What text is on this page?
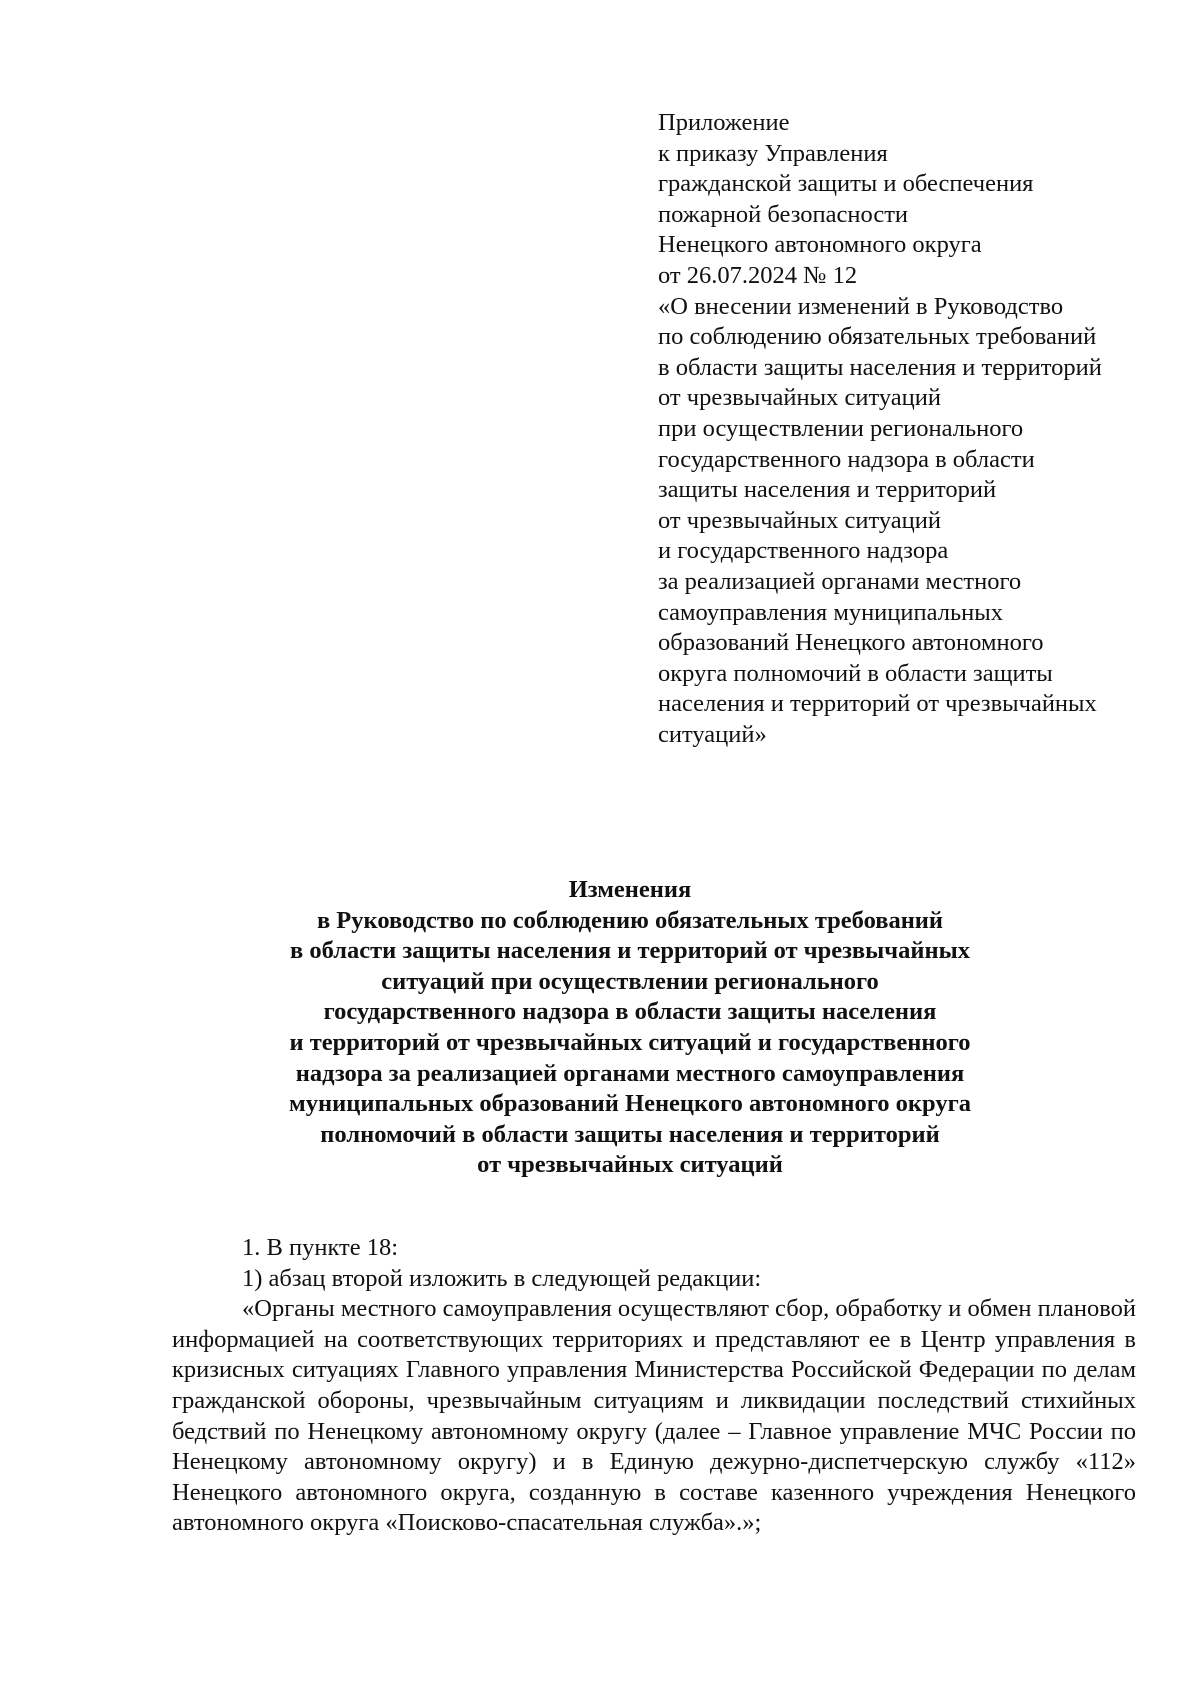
Приложение
к приказу Управления
гражданской защиты и обеспечения
пожарной безопасности
Ненецкого автономного округа
от 26.07.2024 № 12
«О внесении изменений в Руководство
по соблюдению обязательных требований
в области защиты населения и территорий
от чрезвычайных ситуаций
при осуществлении регионального
государственного надзора в области
защиты населения и территорий
от чрезвычайных ситуаций
и государственного надзора
за реализацией органами местного
самоуправления муниципальных
образований Ненецкого автономного
округа полномочий в области защиты
населения и территорий от чрезвычайных
ситуаций»
Изменения
в Руководство по соблюдению обязательных требований
в области защиты населения и территорий от чрезвычайных
ситуаций при осуществлении регионального
государственного надзора в области защиты населения
и территорий от чрезвычайных ситуаций и государственного
надзора за реализацией органами местного самоуправления
муниципальных образований Ненецкого автономного округа
полномочий в области защиты населения и территорий
от чрезвычайных ситуаций
1. В пункте 18:
1) абзац второй изложить в следующей редакции:
«Органы местного самоуправления осуществляют сбор, обработку и обмен плановой информацией на соответствующих территориях и представляют ее в Центр управления в кризисных ситуациях Главного управления Министерства Российской Федерации по делам гражданской обороны, чрезвычайным ситуациям и ликвидации последствий стихийных бедствий по Ненецкому автономному округу (далее – Главное управление МЧС России по Ненецкому автономному округу) и в Единую дежурно-диспетчерскую службу «112» Ненецкого автономного округа, созданную в составе казенного учреждения Ненецкого автономного округа «Поисково-спасательная служба».»;
